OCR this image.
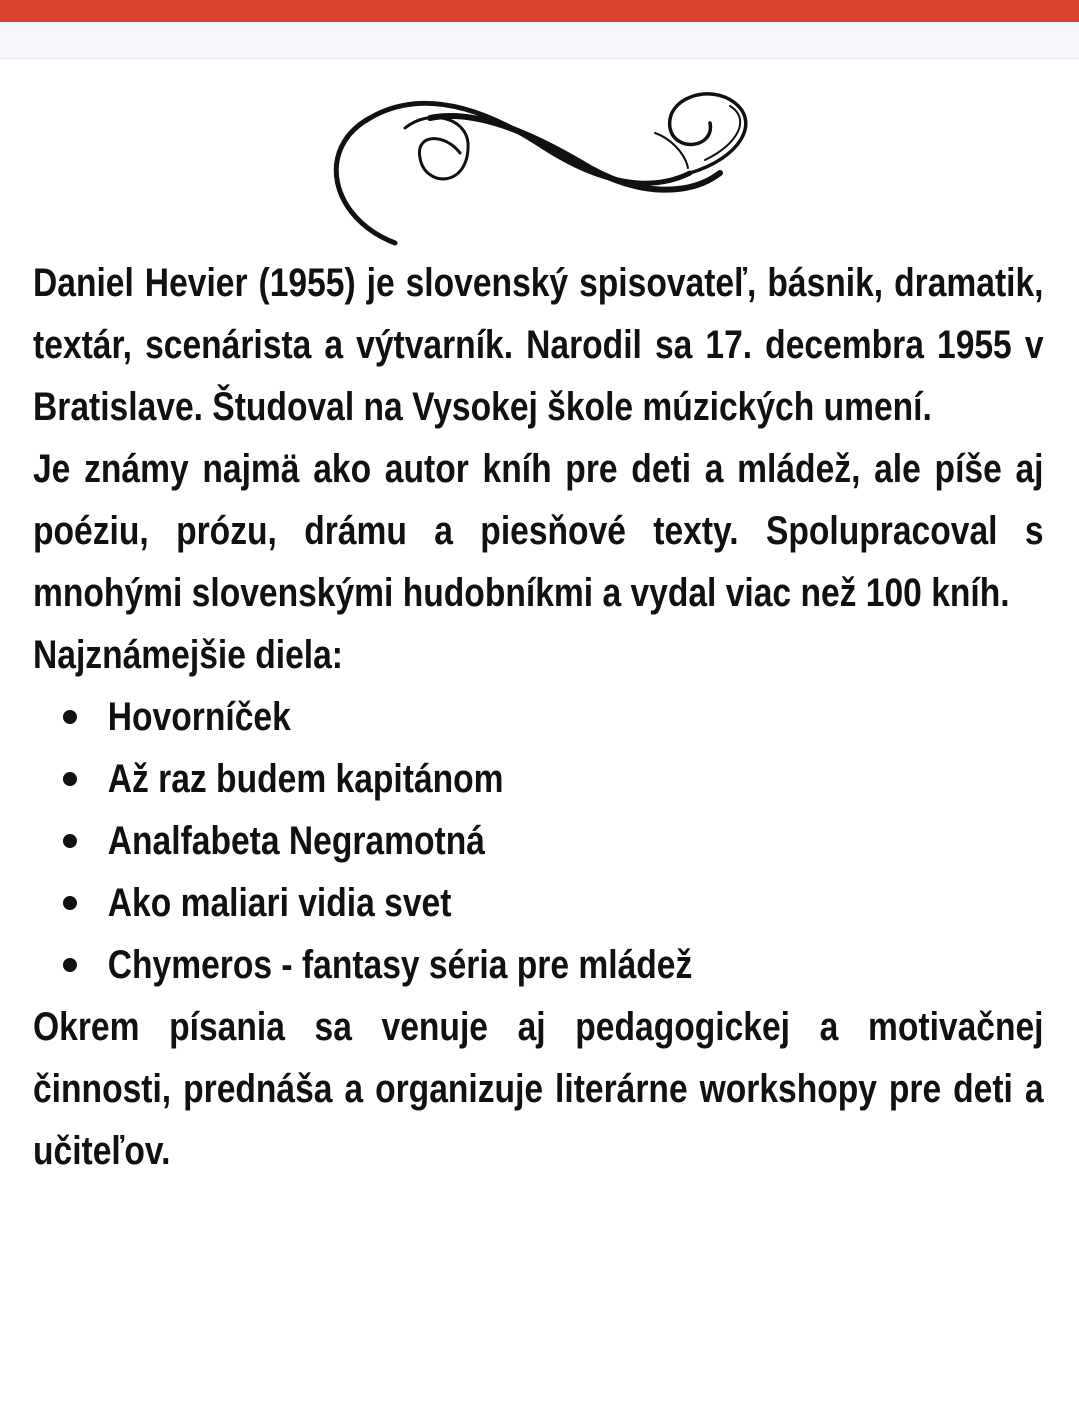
Daniel Hevier (1955) je slovenský spisovateľ, básnik, dramatik, textár, scenárista a výtvarník. Narodil sa 17. decembra 1955 v Bratislave. Študoval na Vysokej škole múzických umení.

Je známy najmä ako autor kníh pre deti a mládež, ale píše aj poéziu, prózu, drámu a piesňové texty. Spolupracoval s mnohými slovenskými hudobníkmi a vydal viac než 100 kníh.

Najznámejšie diela:

Hovorníček
Až raz budem kapitánom
Analfabeta Negramotná
Ako maliari vidia svet
Chymeros - fantasy séria pre mládež

Okrem písania sa venuje aj pedagogickej a motivačnej činnosti, prednáša a organizuje literárne workshopy pre deti a učiteľov.
